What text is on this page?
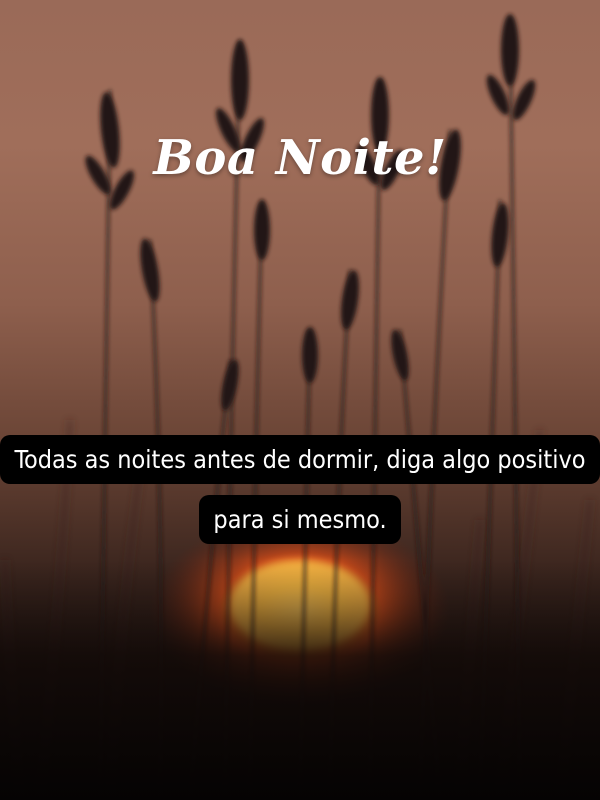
Boa Noite!

Todas as noites antes de dormir, diga algo positivo para si mesmo.
